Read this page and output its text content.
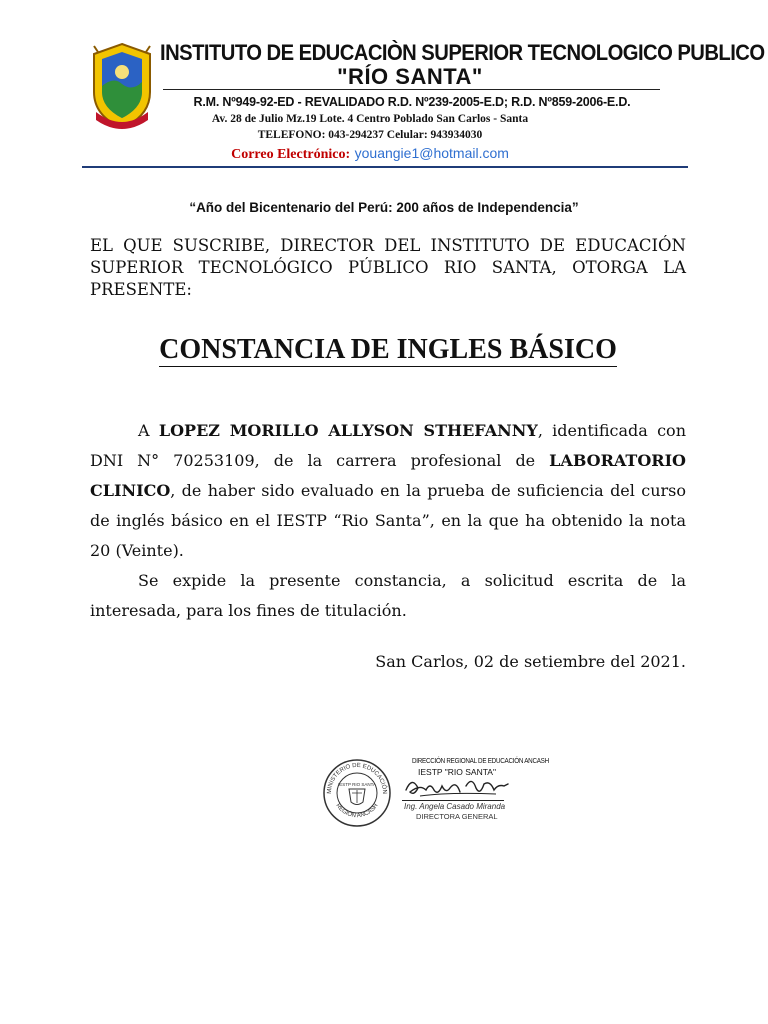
INSTITUTO DE EDUCACIÒN SUPERIOR TECNOLOGICO PUBLICO
"RÍO SANTA"
R.M. Nº949-92-ED - REVALIDADO R.D. Nº239-2005-E.D; R.D. Nº859-2006-E.D.
Av. 28 de Julio Mz.19 Lote. 4 Centro Poblado San Carlos - Santa
TELEFONO: 043-294237 Celular: 943934030
Correo Electrónico: youangie1@hotmail.com
“Año del Bicentenario del Perú: 200 años de Independencia”
EL QUE SUSCRIBE, DIRECTOR DEL INSTITUTO DE EDUCACIÓN SUPERIOR TECNOLÓGICO PÚBLICO RIO SANTA, OTORGA LA PRESENTE:
CONSTANCIA DE INGLES BÁSICO
A LOPEZ MORILLO ALLYSON STHEFANNY, identificada con DNI N° 70253109, de la carrera profesional de LABORATORIO CLINICO, de haber sido evaluado en la prueba de suficiencia del curso de inglés básico en el IESTP “Rio Santa”, en la que ha obtenido la nota 20 (Veinte).
Se expide la presente constancia, a solicitud escrita de la interesada, para los fines de titulación.
San Carlos, 02 de setiembre del 2021.
MINISTERIO DE EDUCACIÓN
REGIÓN ANCASH
IESTP RIO SANTA
DIRECCIÓN REGIONAL DE EDUCACIÓN ANCASH
IESTP "RIO SANTA"
Ing. Angela Casado Miranda
DIRECTORA GENERAL
